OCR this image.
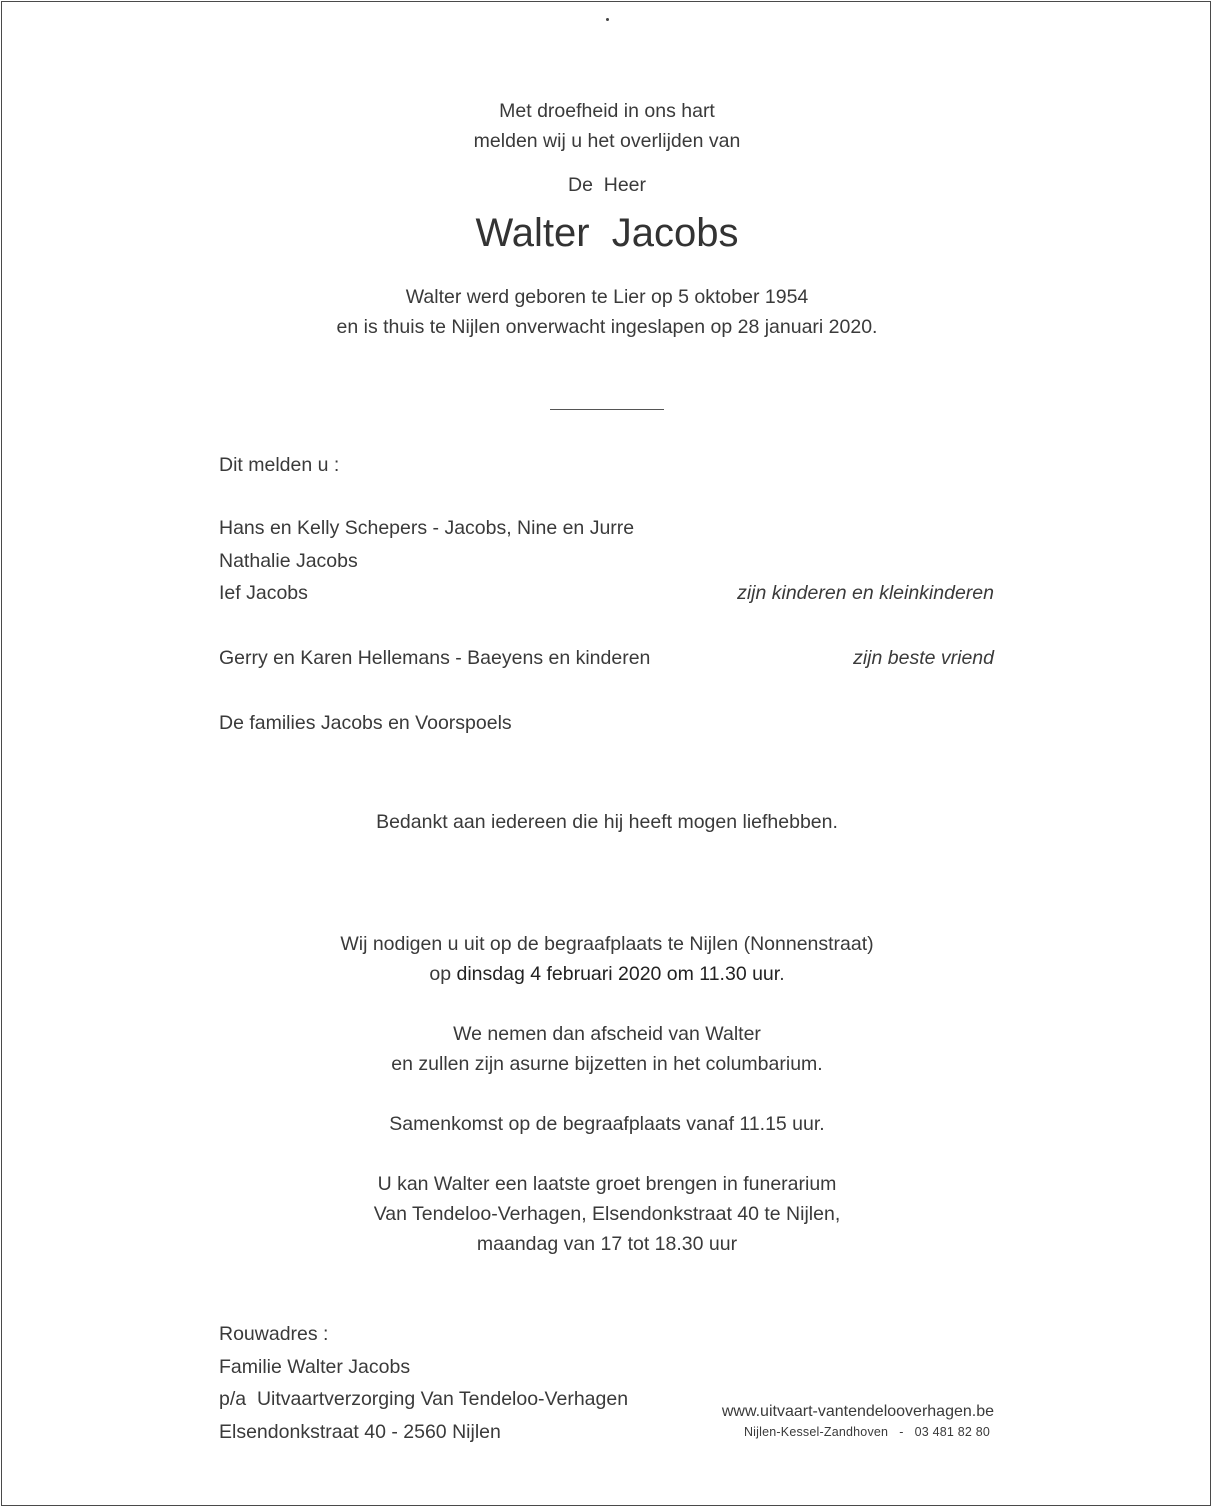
Met droefheid in ons hart
melden wij u het overlijden van
De  Heer
Walter  Jacobs
Walter werd geboren te Lier op 5 oktober 1954
en is thuis te Nijlen onverwacht ingeslapen op 28 januari 2020.
Dit melden u :
Hans en Kelly Schepers - Jacobs, Nine en Jurre
Nathalie Jacobs
Ief Jacobs	zijn kinderen en kleinkinderen
Gerry en Karen Hellemans - Baeyens en kinderen	zijn beste vriend
De families Jacobs en Voorspoels
Bedankt aan iedereen die hij heeft mogen liefhebben.
Wij nodigen u uit op de begraafplaats te Nijlen (Nonnenstraat)
op dinsdag 4 februari 2020 om 11.30 uur.
We nemen dan afscheid van Walter
en zullen zijn asurne bijzetten in het columbarium.
Samenkomst op de begraafplaats vanaf 11.15 uur.
U kan Walter een laatste groet brengen in funerarium
Van Tendeloo-Verhagen, Elsendonkstraat 40 te Nijlen,
maandag van 17 tot 18.30 uur
Rouwadres :
Familie Walter Jacobs
p/a  Uitvaartverzorging Van Tendeloo-Verhagen
Elsendonkstraat 40 - 2560 Nijlen
www.uitvaart-vantendelooverhagen.be
Nijlen-Kessel-Zandhoven   -   03 481 82 80
